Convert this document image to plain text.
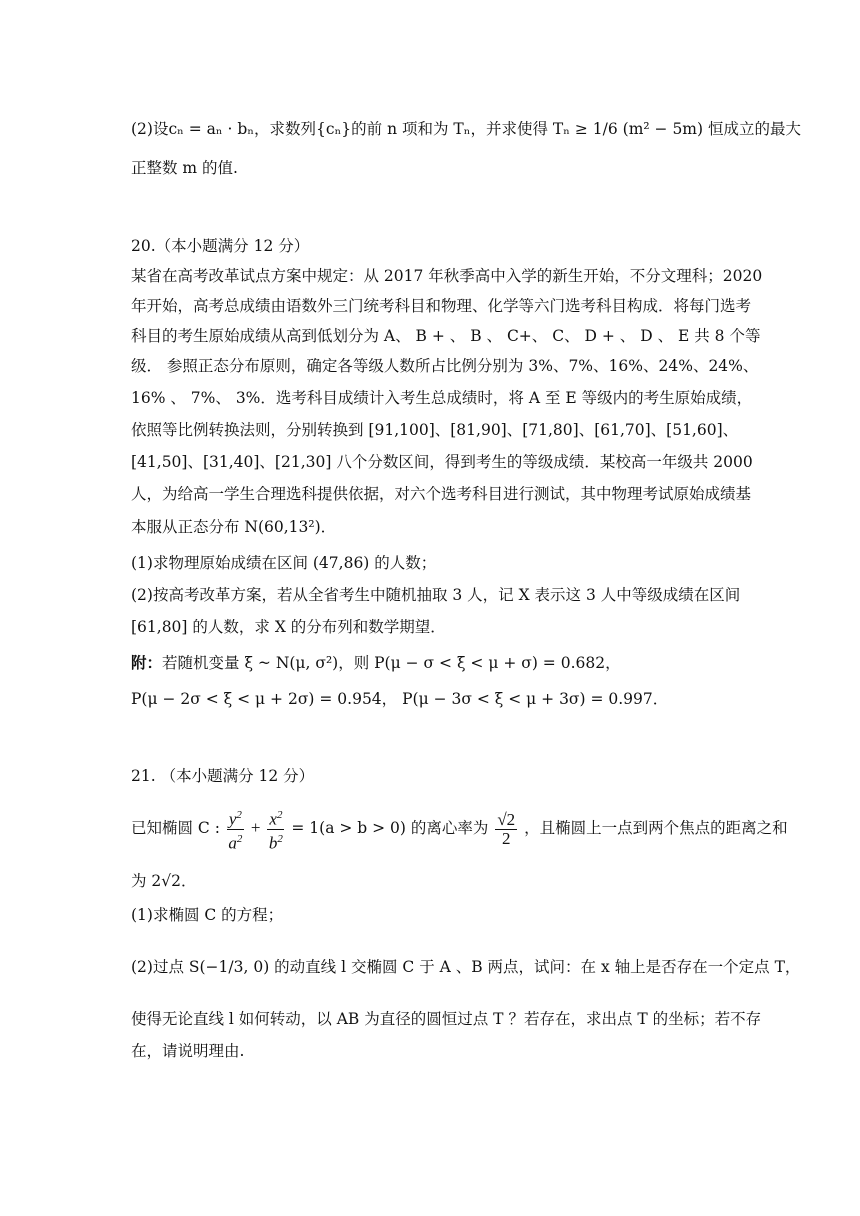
(2)设cₙ = aₙ · bₙ，求数列{cₙ}的前 n 项和为 Tₙ，并求使得 Tₙ ≥ 1/6 (m² − 5m) 恒成立的最大
正整数 m 的值.
20.（本小题满分 12 分）
某省在高考改革试点方案中规定：从 2017 年秋季高中入学的新生开始，不分文理科；2020
年开始，高考总成绩由语数外三门统考科目和物理、化学等六门选考科目构成．将每门选考
科目的考生原始成绩从高到低划分为 A、 B + 、 B 、 C+、 C、 D + 、 D 、 E 共 8 个等
级． 参照正态分布原则，确定各等级人数所占比例分别为 3%、7%、16%、24%、24%、
16% 、 7%、 3%．选考科目成绩计入考生总成绩时，将 A 至 E 等级内的考生原始成绩，
依照等比例转换法则，分别转换到 [91,100]、[81,90]、[71,80]、[61,70]、[51,60]、
[41,50]、[31,40]、[21,30] 八个分数区间，得到考生的等级成绩．某校高一年级共 2000
人，为给高一学生合理选科提供依据，对六个选考科目进行测试，其中物理考试原始成绩基
本服从正态分布 N(60,13²)．
(1)求物理原始成绩在区间 (47,86) 的人数；
(2)按高考改革方案，若从全省考生中随机抽取 3 人，记 X 表示这 3 人中等级成绩在区间
[61,80] 的人数，求 X 的分布列和数学期望．
附：若随机变量 ξ ~ N(μ, σ²)，则 P(μ − σ < ξ < μ + σ) = 0.682，
P(μ − 2σ < ξ < μ + 2σ) = 0.954， P(μ − 3σ < ξ < μ + 3σ) = 0.997．
21. （本小题满分 12 分）
已知椭圆 C : $\frac{y^2}{a^2} + \frac{x^2}{b^2} = 1(a > b > 0)$ 的离心率为 $\frac{√2}{2}$ ，且椭圆上一点到两个焦点的距离之和
为 2√2．
(1)求椭圆 C 的方程；
(2)过点 S(−1/3, 0) 的动直线 l 交椭圆 C 于 A 、B 两点，试问：在 x 轴上是否存在一个定点 T，
使得无论直线 l 如何转动，以 AB 为直径的圆恒过点 T ？若存在，求出点 T 的坐标；若不存
在，请说明理由.
